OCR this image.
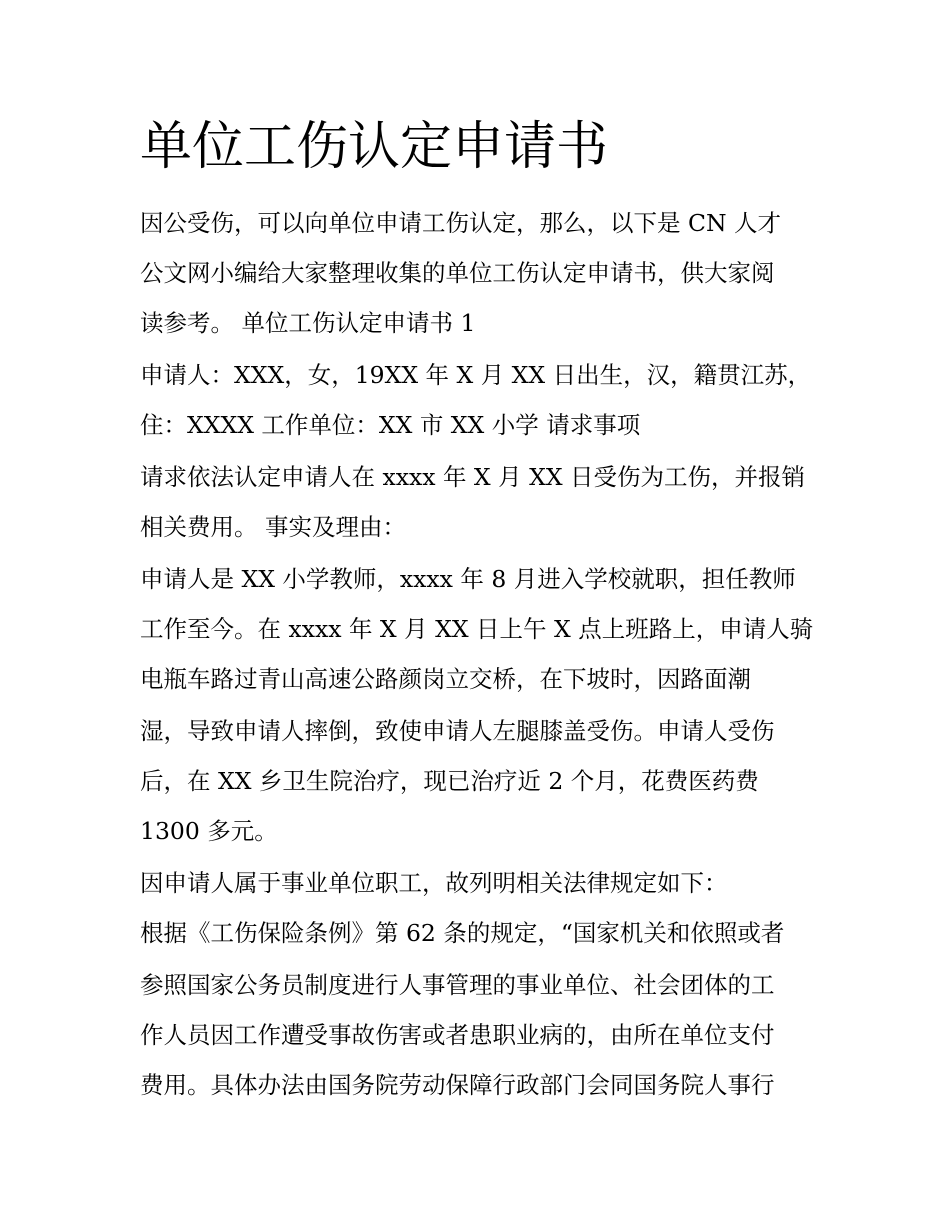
单位工伤认定申请书

因公受伤，可以向单位申请工伤认定，那么，以下是 CN 人才

公文网小编给大家整理收集的单位工伤认定申请书，供大家阅

读参考。 单位工伤认定申请书 1

申请人：XXX，女，19XX 年 X 月 XX 日出生，汉，籍贯江苏，

住：XXXX 工作单位：XX 市 XX 小学 请求事项

请求依法认定申请人在 xxxx 年 X 月 XX 日受伤为工伤，并报销

相关费用。 事实及理由：

申请人是 XX 小学教师，xxxx 年 8 月进入学校就职，担任教师

工作至今。在 xxxx 年 X 月 XX 日上午 X 点上班路上，申请人骑

电瓶车路过青山高速公路颜岗立交桥，在下坡时，因路面潮

湿，导致申请人摔倒，致使申请人左腿膝盖受伤。申请人受伤

后，在 XX 乡卫生院治疗，现已治疗近 2 个月，花费医药费

1300 多元。

因申请人属于事业单位职工，故列明相关法律规定如下：

根据《工伤保险条例》第 62 条的规定，“国家机关和依照或者

参照国家公务员制度进行人事管理的事业单位、社会团体的工

作人员因工作遭受事故伤害或者患职业病的，由所在单位支付

费用。具体办法由国务院劳动保障行政部门会同国务院人事行
